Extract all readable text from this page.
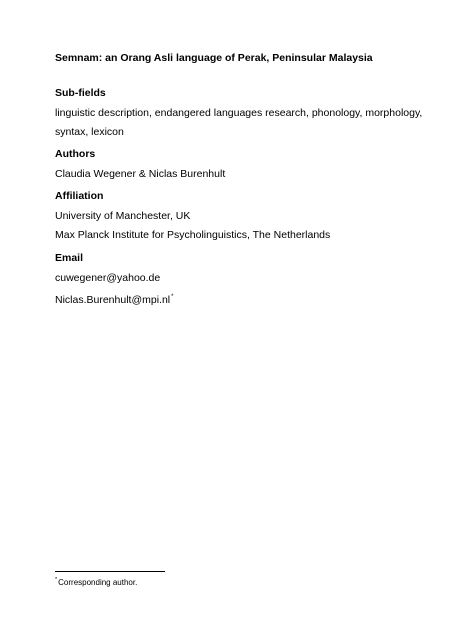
Semnam: an Orang Asli language of Perak, Peninsular Malaysia
Sub-fields
linguistic description, endangered languages research, phonology, morphology,
syntax, lexicon
Authors
Claudia Wegener & Niclas Burenhult
Affiliation
University of Manchester, UK
Max Planck Institute for Psycholinguistics, The Netherlands
Email
cuwegener@yahoo.de
Niclas.Burenhult@mpi.nl*
*Corresponding author.
